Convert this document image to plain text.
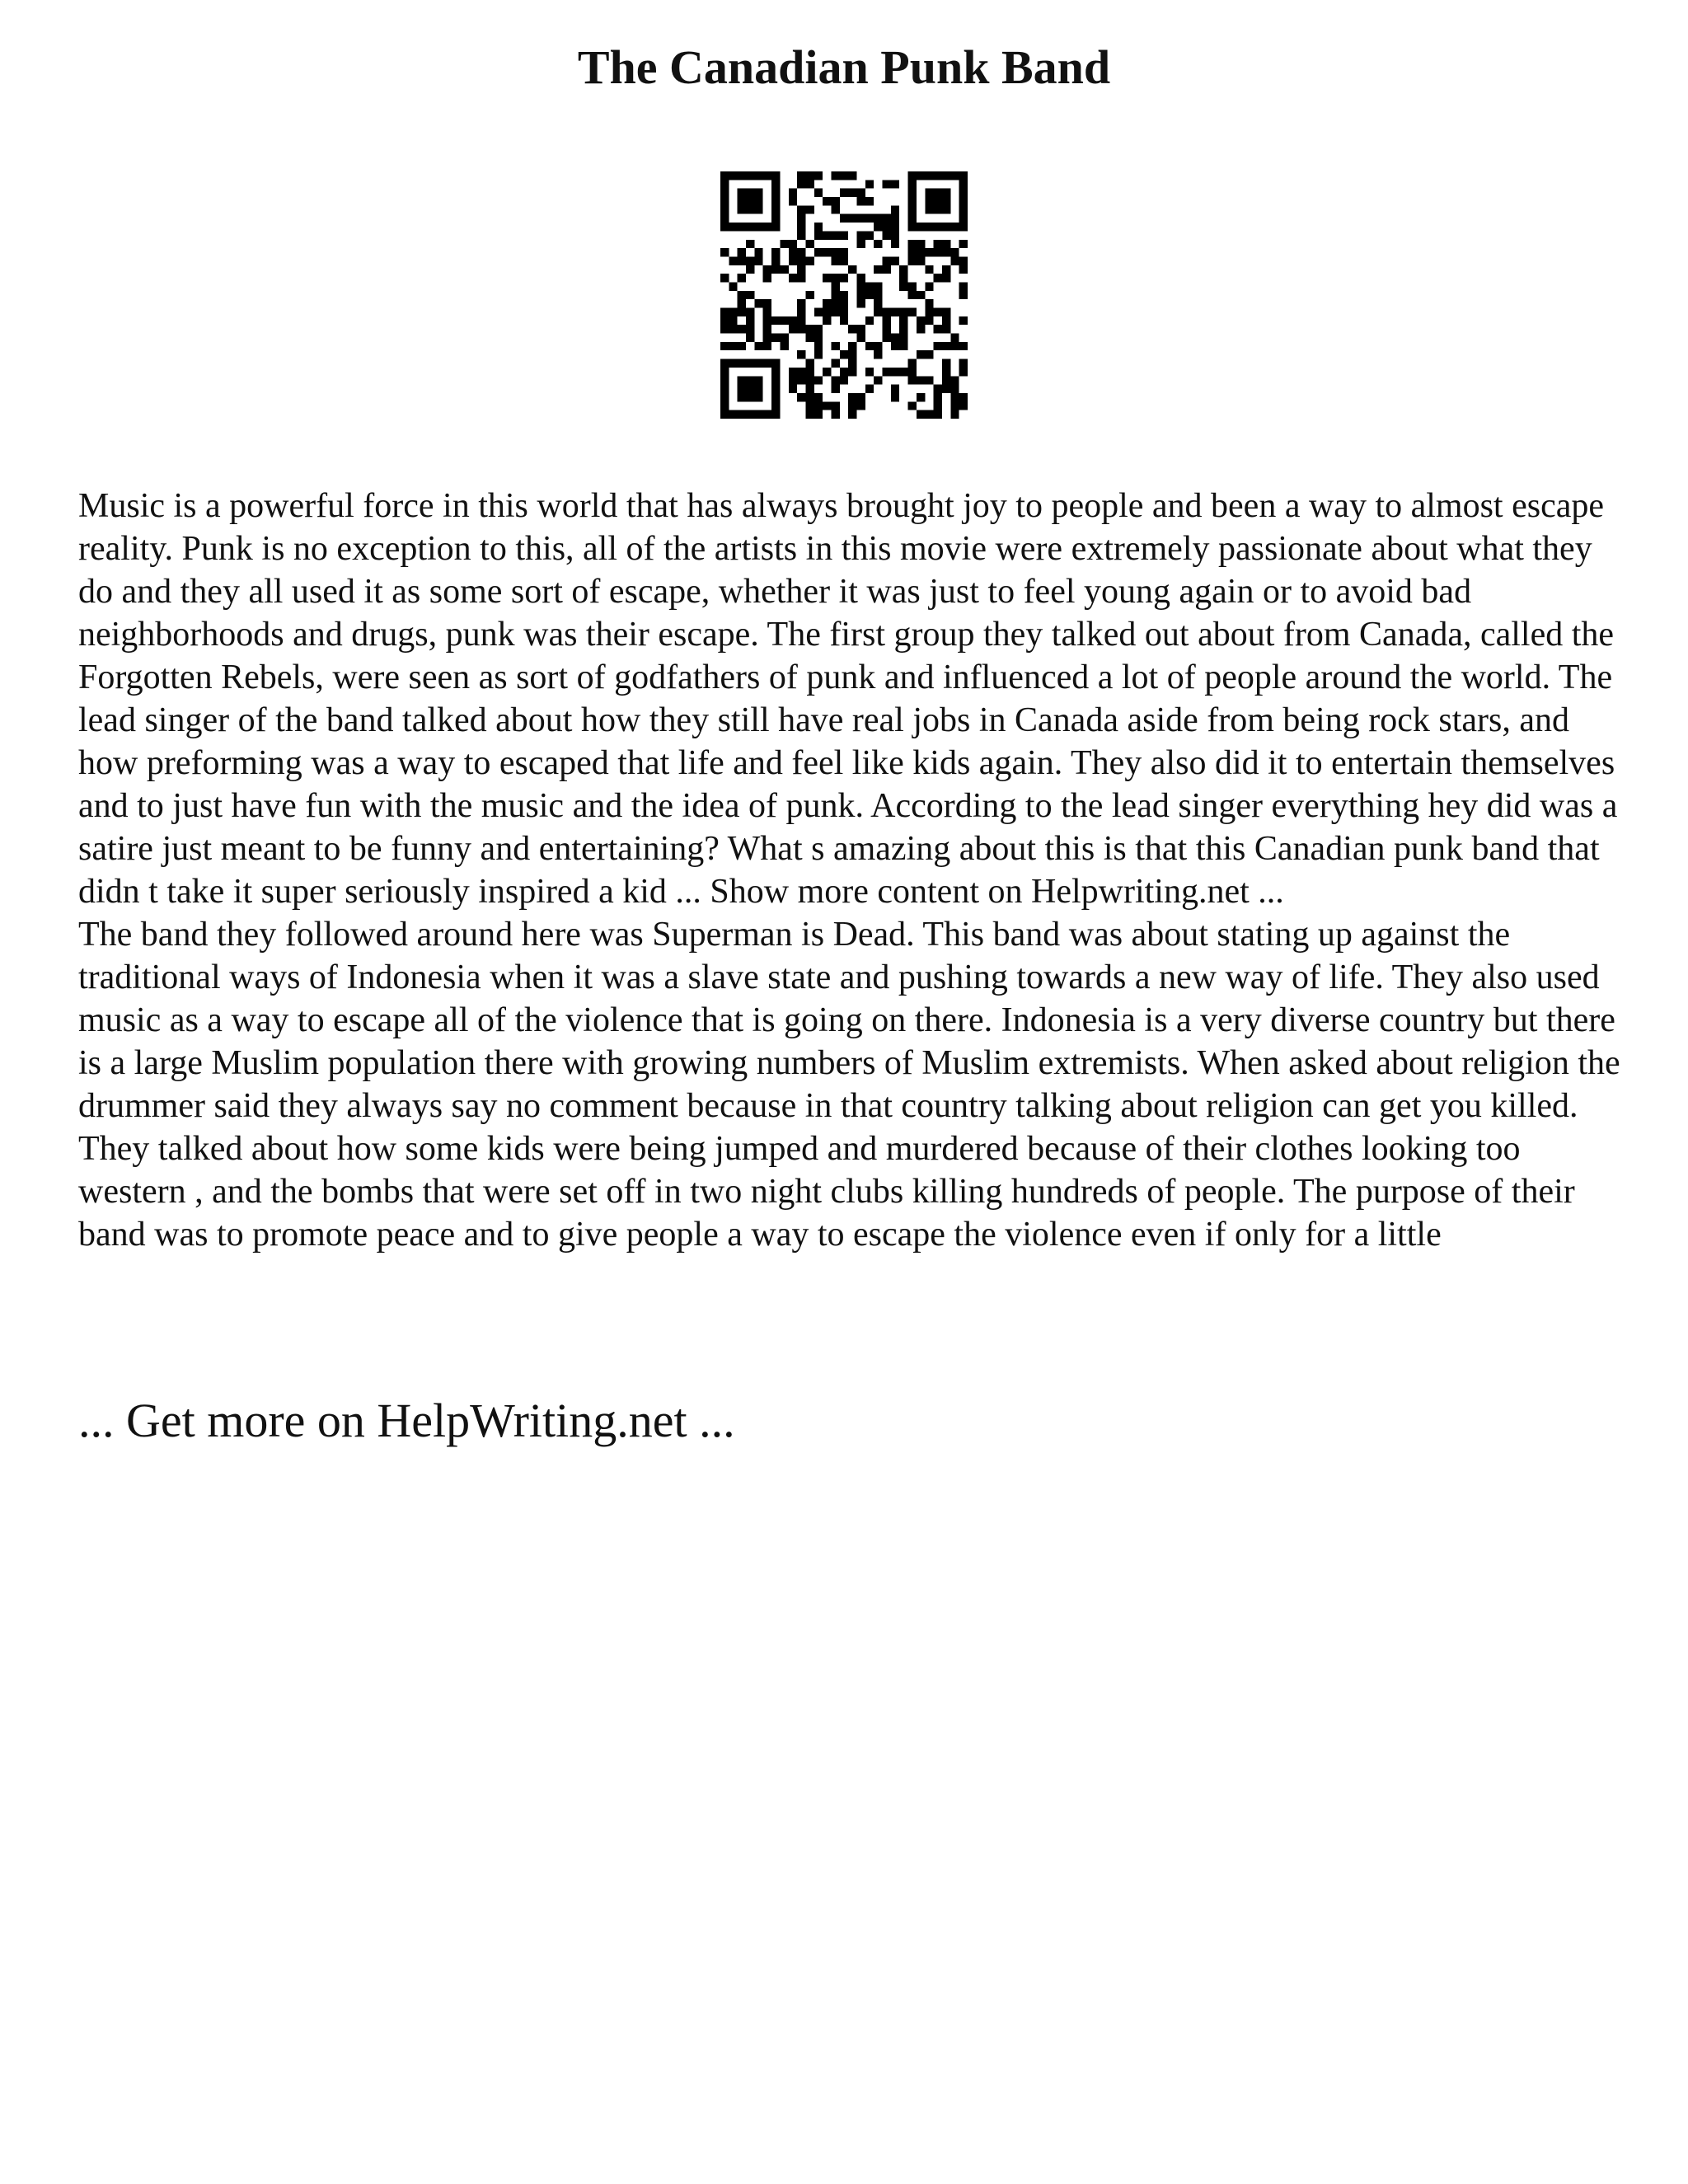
The Canadian Punk Band

Music is a powerful force in this world that has always brought joy to people and been a way to almost escape reality. Punk is no exception to this, all of the artists in this movie were extremely passionate about what they do and they all used it as some sort of escape, whether it was just to feel young again or to avoid bad neighborhoods and drugs, punk was their escape. The first group they talked out about from Canada, called the Forgotten Rebels, were seen as sort of godfathers of punk and influenced a lot of people around the world. The lead singer of the band talked about how they still have real jobs in Canada aside from being rock stars, and how preforming was a way to escaped that life and feel like kids again. They also did it to entertain themselves and to just have fun with the music and the idea of punk. According to the lead singer everything hey did was a satire just meant to be funny and entertaining? What s amazing about this is that this Canadian punk band that didn t take it super seriously inspired a kid ... Show more content on Helpwriting.net ...

The band they followed around here was Superman is Dead. This band was about stating up against the traditional ways of Indonesia when it was a slave state and pushing towards a new way of life. They also used music as a way to escape all of the violence that is going on there. Indonesia is a very diverse country but there is a large Muslim population there with growing numbers of Muslim extremists. When asked about religion the drummer said they always say no comment because in that country talking about religion can get you killed. They talked about how some kids were being jumped and murdered because of their clothes looking too western , and the bombs that were set off in two night clubs killing hundreds of people. The purpose of their band was to promote peace and to give people a way to escape the violence even if only for a little

... Get more on HelpWriting.net ...
